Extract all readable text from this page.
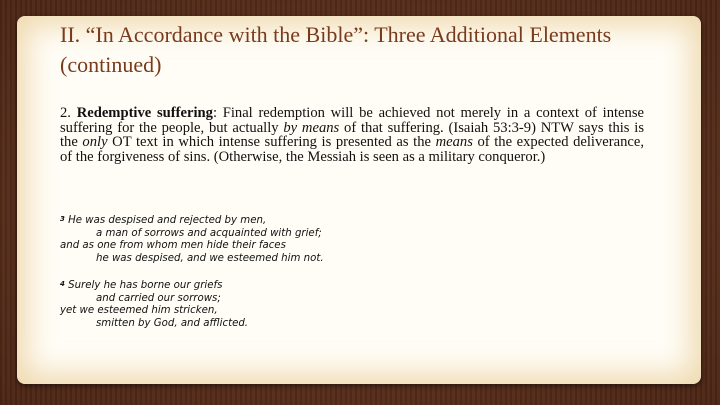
II. “In Accordance with the Bible”: Three Additional Elements (continued)
2. Redemptive suffering: Final redemption will be achieved not merely in a context of intense suffering for the people, but actually by means of that suffering. (Isaiah 53:3-9) NTW says this is the only OT text in which intense suffering is presented as the means of the expected deliverance, of the forgiveness of sins. (Otherwise, the Messiah is seen as a military conqueror.)
$^3$ He was despised and rejected by men,
a man of sorrows and acquainted with grief;
and as one from whom men hide their faces
he was despised, and we esteemed him not.
$^4$ Surely he has borne our griefs
and carried our sorrows;
yet we esteemed him stricken,
smitten by God, and afflicted.
